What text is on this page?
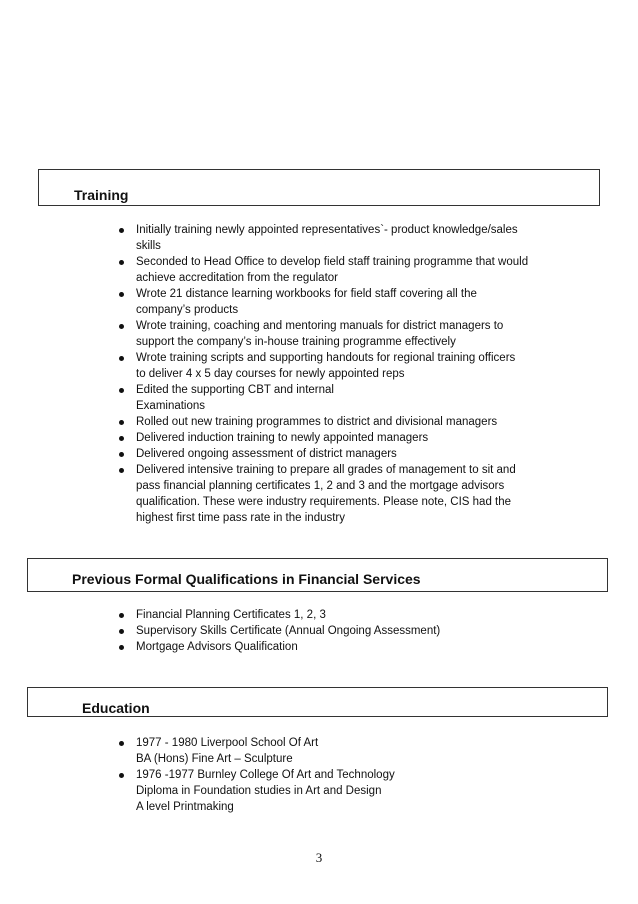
Training
Initially training newly appointed representatives`- product knowledge/sales
skills
Seconded to Head Office to develop field staff training programme that would
achieve accreditation from the regulator
Wrote 21 distance learning workbooks for field staff covering all the
company’s products
Wrote training, coaching and mentoring manuals for district managers to
support the company’s in-house training programme effectively
Wrote training scripts and supporting handouts for regional training officers
to deliver 4 x 5 day courses for newly appointed reps
Edited the supporting CBT and internal
Examinations
Rolled out new training programmes to district and divisional managers
Delivered induction training to newly appointed managers
Delivered ongoing assessment of district managers
Delivered intensive training to prepare all grades of management to sit and
pass financial planning certificates 1, 2 and 3 and the mortgage advisors
qualification. These were industry requirements. Please note, CIS had the
highest first time pass rate in the industry
Previous Formal Qualifications in Financial Services
Financial Planning Certificates 1, 2, 3
Supervisory Skills Certificate (Annual Ongoing Assessment)
Mortgage Advisors Qualification
Education
1977 - 1980 Liverpool School Of Art
BA (Hons) Fine Art – Sculpture
1976 -1977 Burnley College Of Art and Technology
Diploma in Foundation studies in Art and Design
A level Printmaking
3
